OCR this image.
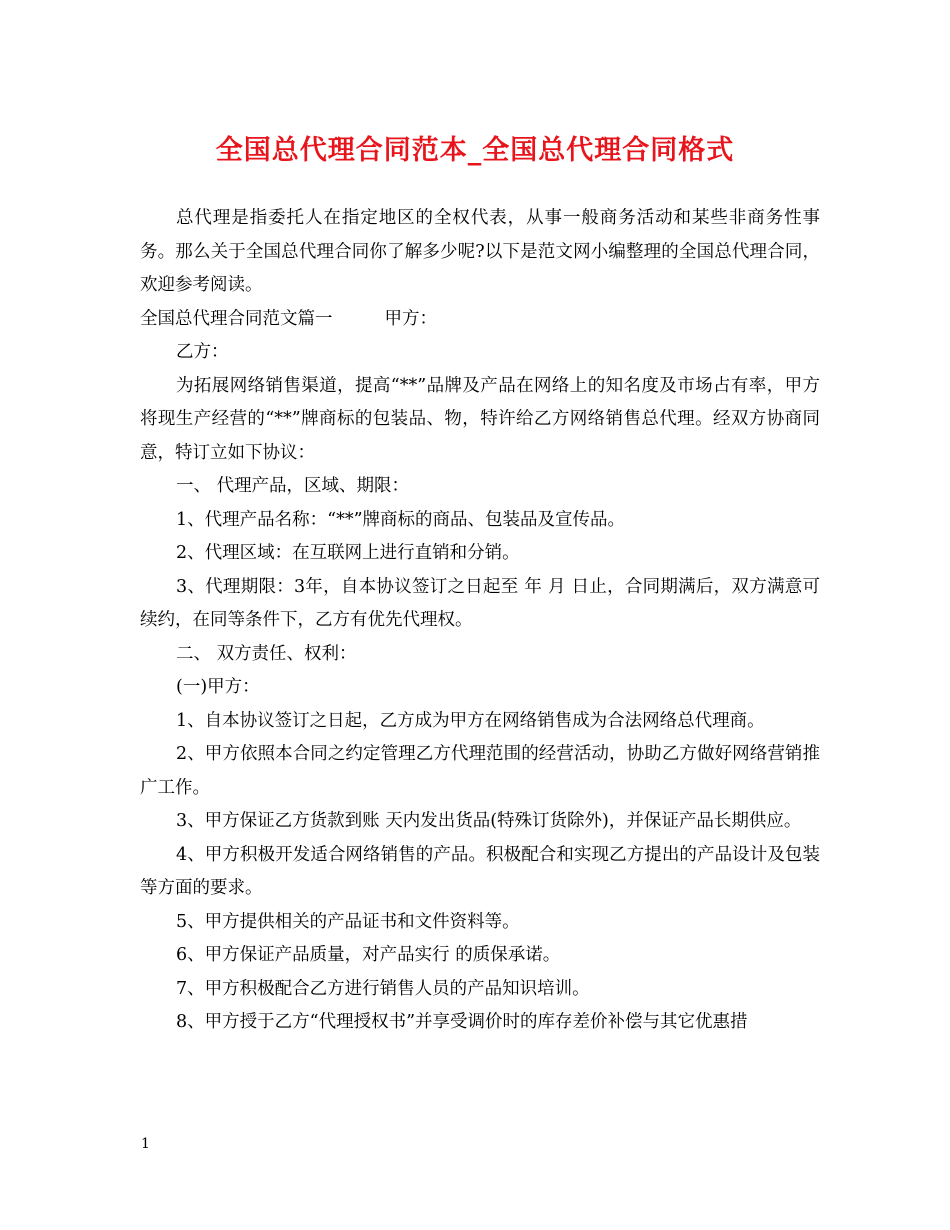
全国总代理合同范本_全国总代理合同格式

总代理是指委托人在指定地区的全权代表，从事一般商务活动和某些非商务性事务。那么关于全国总代理合同你了解多少呢?以下是范文网小编整理的全国总代理合同，欢迎参考阅读。

全国总代理合同范文篇一	甲方：

乙方：

为拓展网络销售渠道，提高“**”品牌及产品在网络上的知名度及市场占有率，甲方将现生产经营的“**”牌商标的包装品、物，特许给乙方网络销售总代理。经双方协商同意，特订立如下协议：

一、 代理产品，区域、期限：

1、代理产品名称：“**”牌商标的商品、包装品及宣传品。

2、代理区域：在互联网上进行直销和分销。

3、代理期限：3年，自本协议签订之日起至 年 月 日止，合同期满后，双方满意可续约，在同等条件下，乙方有优先代理权。

二、 双方责任、权利：

(一)甲方：

1、自本协议签订之日起，乙方成为甲方在网络销售成为合法网络总代理商。

2、甲方依照本合同之约定管理乙方代理范围的经营活动，协助乙方做好网络营销推广工作。

3、甲方保证乙方货款到账 天内发出货品(特殊订货除外)，并保证产品长期供应。

4、甲方积极开发适合网络销售的产品。积极配合和实现乙方提出的产品设计及包装等方面的要求。

5、甲方提供相关的产品证书和文件资料等。

6、甲方保证产品质量，对产品实行 的质保承诺。

7、甲方积极配合乙方进行销售人员的产品知识培训。

8、甲方授于乙方“代理授权书”并享受调价时的库存差价补偿与其它优惠措

1
